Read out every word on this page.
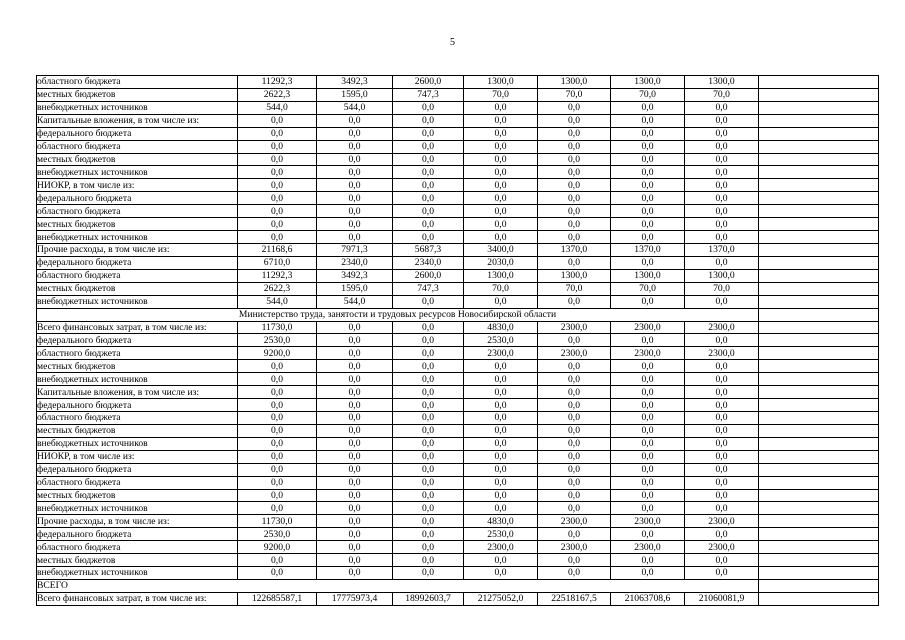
5
областного бюджета	11292,3	3492,3	2600,0	1300,0	1300,0	1300,0	1300,0	
местных бюджетов	2622,3	1595,0	747,3	70,0	70,0	70,0	70,0	
внебюджетных источников	544,0	544,0	0,0	0,0	0,0	0,0	0,0	
Капитальные вложения, в том числе из:	0,0	0,0	0,0	0,0	0,0	0,0	0,0	
федерального бюджета	0,0	0,0	0,0	0,0	0,0	0,0	0,0	
областного бюджета	0,0	0,0	0,0	0,0	0,0	0,0	0,0	
местных бюджетов	0,0	0,0	0,0	0,0	0,0	0,0	0,0	
внебюджетных источников	0,0	0,0	0,0	0,0	0,0	0,0	0,0	
НИОКР, в том числе из:	0,0	0,0	0,0	0,0	0,0	0,0	0,0	
федерального бюджета	0,0	0,0	0,0	0,0	0,0	0,0	0,0	
областного бюджета	0,0	0,0	0,0	0,0	0,0	0,0	0,0	
местных бюджетов	0,0	0,0	0,0	0,0	0,0	0,0	0,0	
внебюджетных источников	0,0	0,0	0,0	0,0	0,0	0,0	0,0	
Прочие расходы, в том числе из:	21168,6	7971,3	5687,3	3400,0	1370,0	1370,0	1370,0	
федерального бюджета	6710,0	2340,0	2340,0	2030,0	0,0	0,0	0,0	
областного бюджета	11292,3	3492,3	2600,0	1300,0	1300,0	1300,0	1300,0	
местных бюджетов	2622,3	1595,0	747,3	70,0	70,0	70,0	70,0	
внебюджетных источников	544,0	544,0	0,0	0,0	0,0	0,0	0,0	
Министерство труда, занятости и трудовых ресурсов Новосибирской области								
Всего финансовых затрат, в том числе из:	11730,0	0,0	0,0	4830,0	2300,0	2300,0	2300,0	
федерального бюджета	2530,0	0,0	0,0	2530,0	0,0	0,0	0,0	
областного бюджета	9200,0	0,0	0,0	2300,0	2300,0	2300,0	2300,0	
местных бюджетов	0,0	0,0	0,0	0,0	0,0	0,0	0,0	
внебюджетных источников	0,0	0,0	0,0	0,0	0,0	0,0	0,0	
Капитальные вложения, в том числе из:	0,0	0,0	0,0	0,0	0,0	0,0	0,0	
федерального бюджета	0,0	0,0	0,0	0,0	0,0	0,0	0,0	
областного бюджета	0,0	0,0	0,0	0,0	0,0	0,0	0,0	
местных бюджетов	0,0	0,0	0,0	0,0	0,0	0,0	0,0	
внебюджетных источников	0,0	0,0	0,0	0,0	0,0	0,0	0,0	
НИОКР, в том числе из:	0,0	0,0	0,0	0,0	0,0	0,0	0,0	
федерального бюджета	0,0	0,0	0,0	0,0	0,0	0,0	0,0	
областного бюджета	0,0	0,0	0,0	0,0	0,0	0,0	0,0	
местных бюджетов	0,0	0,0	0,0	0,0	0,0	0,0	0,0	
внебюджетных источников	0,0	0,0	0,0	0,0	0,0	0,0	0,0	
Прочие расходы, в том числе из:	11730,0	0,0	0,0	4830,0	2300,0	2300,0	2300,0	
федерального бюджета	2530,0	0,0	0,0	2530,0	0,0	0,0	0,0	
областного бюджета	9200,0	0,0	0,0	2300,0	2300,0	2300,0	2300,0	
местных бюджетов	0,0	0,0	0,0	0,0	0,0	0,0	0,0	
внебюджетных источников	0,0	0,0	0,0	0,0	0,0	0,0	0,0	
ВСЕГО								
Всего финансовых затрат, в том числе из:	122685587,1	17775973,4	18992603,7	21275052,0	22518167,5	21063708,6	21060081,9	
